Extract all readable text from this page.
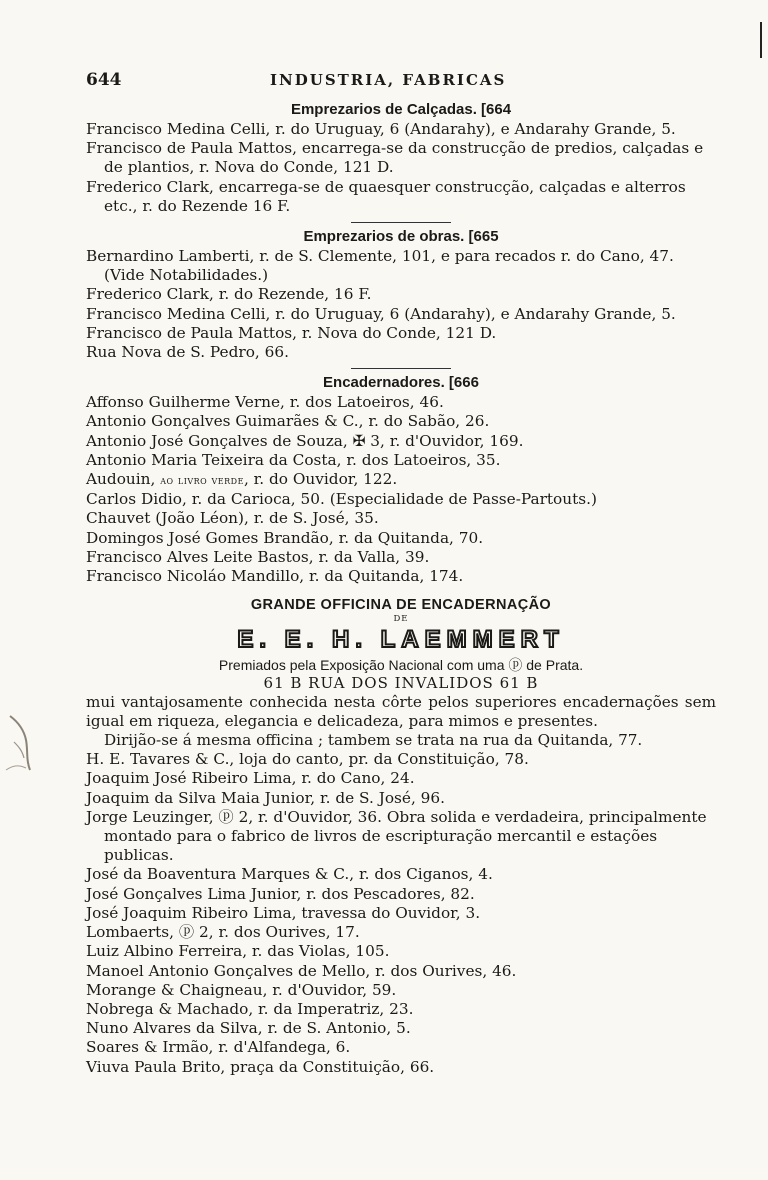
644	INDUSTRIA, FABRICAS

Emprezarios de Calçadas. [664

Francisco Medina Celli, r. do Uruguay, 6 (Andarahy), e Andarahy Grande, 5.

Francisco de Paula Mattos, encarrega-se da construcção de predios, calçadas e de plantios, r. Nova do Conde, 121 D.

Frederico Clark, encarrega-se de quaesquer construcção, calçadas e alterros etc., r. do Rezende 16 F.

Emprezarios de obras. [665

Bernardino Lamberti, r. de S. Clemente, 101, e para recados r. do Cano, 47. (Vide Notabilidades.)

Frederico Clark, r. do Rezende, 16 F.

Francisco Medina Celli, r. do Uruguay, 6 (Andarahy), e Andarahy Grande, 5.

Francisco de Paula Mattos, r. Nova do Conde, 121 D.

Rua Nova de S. Pedro, 66.

Encadernadores. [666

Affonso Guilherme Verne, r. dos Latoeiros, 46.

Antonio Gonçalves Guimarães & C., r. do Sabão, 26.

Antonio José Gonçalves de Souza, ✠ 3, r. d'Ouvidor, 169.

Antonio Maria Teixeira da Costa, r. dos Latoeiros, 35.

Audouin, ao livro verde, r. do Ouvidor, 122.

Carlos Didio, r. da Carioca, 50. (Especialidade de Passe-Partouts.)

Chauvet (João Léon), r. de S. José, 35.

Domingos José Gomes Brandão, r. da Quitanda, 70.

Francisco Alves Leite Bastos, r. da Valla, 39.

Francisco Nicoláo Mandillo, r. da Quitanda, 174.

GRANDE OFFICINA DE ENCADERNAÇÃO
DE
E. E. H. LAEMMERT
Premiados pela Exposição Nacional com uma ⓟ de Prata.
61 B RUA DOS INVALIDOS 61 B
mui vantajosamente conhecida nesta côrte pelos superiores encadernações sem igual em riqueza, elegancia e delicadeza, para mimos e presentes.
Dirijão-se á mesma officina ; tambem se trata na rua da Quitanda, 77.

H. E. Tavares & C., loja do canto, pr. da Constituição, 78.

Joaquim José Ribeiro Lima, r. do Cano, 24.

Joaquim da Silva Maia Junior, r. de S. José, 96.

Jorge Leuzinger, ⓟ 2, r. d'Ouvidor, 36. Obra solida e verdadeira, principalmente montado para o fabrico de livros de escripturação mercantil e estações publicas.

José da Boaventura Marques & C., r. dos Ciganos, 4.

José Gonçalves Lima Junior, r. dos Pescadores, 82.

José Joaquim Ribeiro Lima, travessa do Ouvidor, 3.

Lombaerts, ⓟ 2, r. dos Ourives, 17.

Luiz Albino Ferreira, r. das Violas, 105.

Manoel Antonio Gonçalves de Mello, r. dos Ourives, 46.

Morange & Chaigneau, r. d'Ouvidor, 59.

Nobrega & Machado, r. da Imperatriz, 23.

Nuno Alvares da Silva, r. de S. Antonio, 5.

Soares & Irmão, r. d'Alfandega, 6.

Viuva Paula Brito, praça da Constituição, 66.
